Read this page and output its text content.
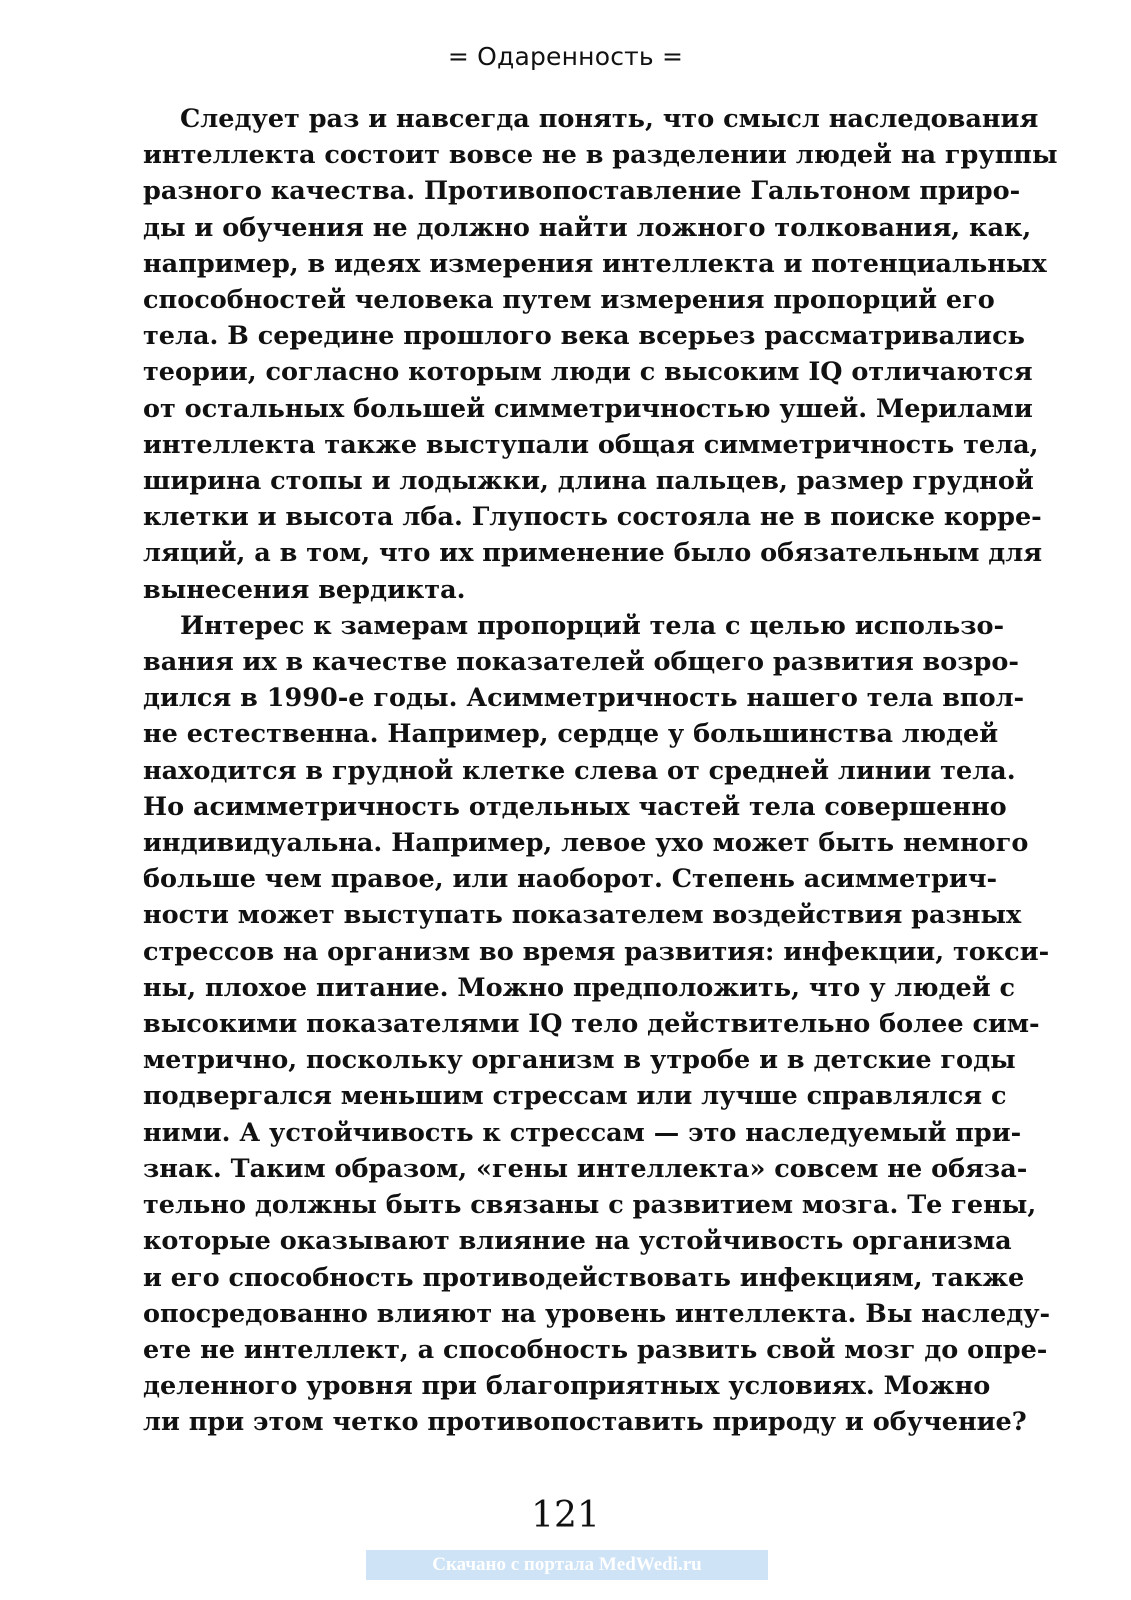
= Одаренность =
Следует раз и навсегда понять, что смысл наследования
интеллекта состоит вовсе не в разделении людей на группы
разного качества. Противопоставление Гальтоном приро-
ды и обучения не должно найти ложного толкования, как,
например, в идеях измерения интеллекта и потенциальных
способностей человека путем измерения пропорций его
тела. В середине прошлого века всерьез рассматривались
теории, согласно которым люди с высоким IQ отличаются
от остальных большей симметричностью ушей. Мерилами
интеллекта также выступали общая симметричность тела,
ширина стопы и лодыжки, длина пальцев, размер грудной
клетки и высота лба. Глупость состояла не в поиске корре-
ляций, а в том, что их применение было обязательным для
вынесения вердикта.
Интерес к замерам пропорций тела с целью использо-
вания их в качестве показателей общего развития возро-
дился в 1990-е годы. Асимметричность нашего тела впол-
не естественна. Например, сердце у большинства людей
находится в грудной клетке слева от средней линии тела.
Но асимметричность отдельных частей тела совершенно
индивидуальна. Например, левое ухо может быть немного
больше чем правое, или наоборот. Степень асимметрич-
ности может выступать показателем воздействия разных
стрессов на организм во время развития: инфекции, токси-
ны, плохое питание. Можно предположить, что у людей с
высокими показателями IQ тело действительно более сим-
метрично, поскольку организм в утробе и в детские годы
подвергался меньшим стрессам или лучше справлялся с
ними. А устойчивость к стрессам — это наследуемый при-
знак. Таким образом, «гены интеллекта» совсем не обяза-
тельно должны быть связаны с развитием мозга. Те гены,
которые оказывают влияние на устойчивость организма
и его способность противодействовать инфекциям, также
опосредованно влияют на уровень интеллекта. Вы наследу-
ете не интеллект, а способность развить свой мозг до опре-
деленного уровня при благоприятных условиях. Можно
ли при этом четко противопоставить природу и обучение?
121
Скачано с портала MedWedi.ru
